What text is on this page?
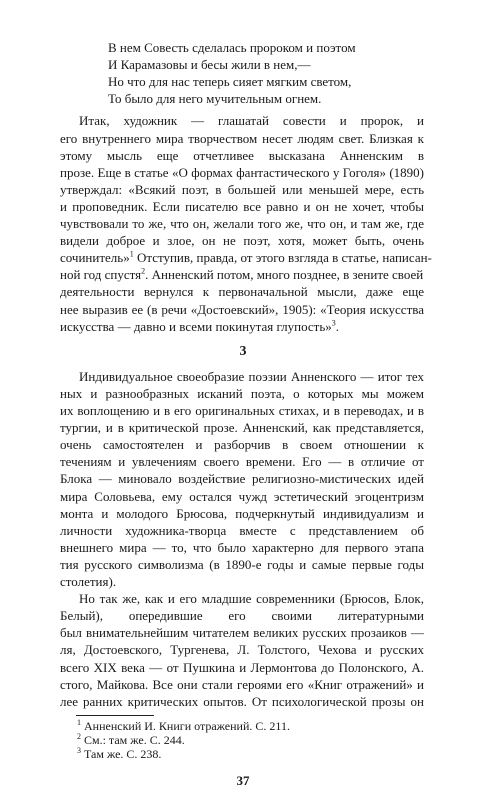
В нем Совесть сделалась пророком и поэтом
И Карамазовы и бесы жили в нем,—
Но что для нас теперь сияет мягким светом,
То было для него мучительным огнем.
Итак, художник — глашатай совести и пророк, и
его внутреннего мира творчеством несет людям свет. Близкая к
этому мысль еще отчетливее высказана Анненским в
прозе. Еще в статье «О формах фантастического у Гоголя» (1890)
утверждал: «Всякий поэт, в большей или меньшей мере, есть
и проповедник. Если писателю все равно и он не хочет, чтобы
чувствовали то же, что он, желали того же, что он, и там же, где
видели доброе и злое, он не поэт, хотя, может быть, очень
сочинитель»$^1$ Отступив, правда, от этого взгляда в статье, написан-
ной год спустя$^2$. Анненский потом, много позднее, в зените своей
деятельности вернулся к первоначальной мысли, даже еще
нее выразив ее (в речи «Достоевский», 1905): «Теория искусства
искусства — давно и всеми покинутая глупость»$^3$.
3
Индивидуальное своеобразие поэзии Анненского — итог тех
ных и разнообразных исканий поэта, о которых мы можем
их воплощению и в его оригинальных стихах, и в переводах, и в
тургии, и в критической прозе. Анненский, как представляется,
очень самостоятелен и разборчив в своем отношении к
течениям и увлечениям своего времени. Его — в отличие от
Блока — миновало воздействие религиозно-мистических идей
мира Соловьева, ему остался чужд эстетический эгоцентризм
монта и молодого Брюсова, подчеркнутый индивидуализм и
личности художника-творца вместе с представлением об
внешнего мира — то, что было характерно для первого этапа
тия русского символизма (в 1890-е годы и самые первые годы
столетия).
Но так же, как и его младшие современники (Брюсов, Блок,
Белый), опередившие его своими литературными
был внимательнейшим читателем великих русских прозаиков —
ля, Достоевского, Тургенева, Л. Толстого, Чехова и русских
всего XIX века — от Пушкина и Лермонтова до Полонского, А.
стого, Майкова. Все они стали героями его «Книг отражений» и
лее ранних критических опытов. От психологической прозы он
$^1$ Анненский И. Книги отражений. С. 211.
$^2$ См.: там же. С. 244.
$^3$ Там же. С. 238.
37
